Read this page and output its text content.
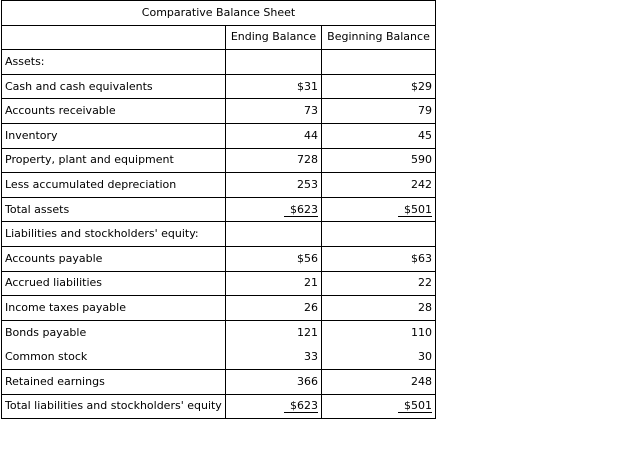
Comparative Balance Sheet		
	Ending Balance	Beginning Balance
Assets:		
Cash and cash equivalents	$31	$29
Accounts receivable	73	79
Inventory	44	45
Property, plant and equipment	728	590
Less accumulated depreciation	253	242
Total assets	$623	$501
Liabilities and stockholders' equity:		
Accounts payable	$56	$63
Accrued liabilities	21	22
Income taxes payable	26	28
Bonds payable	121	110
Common stock	33	30
Retained earnings	366	248
Total liabilities and stockholders' equity	$623	$501
